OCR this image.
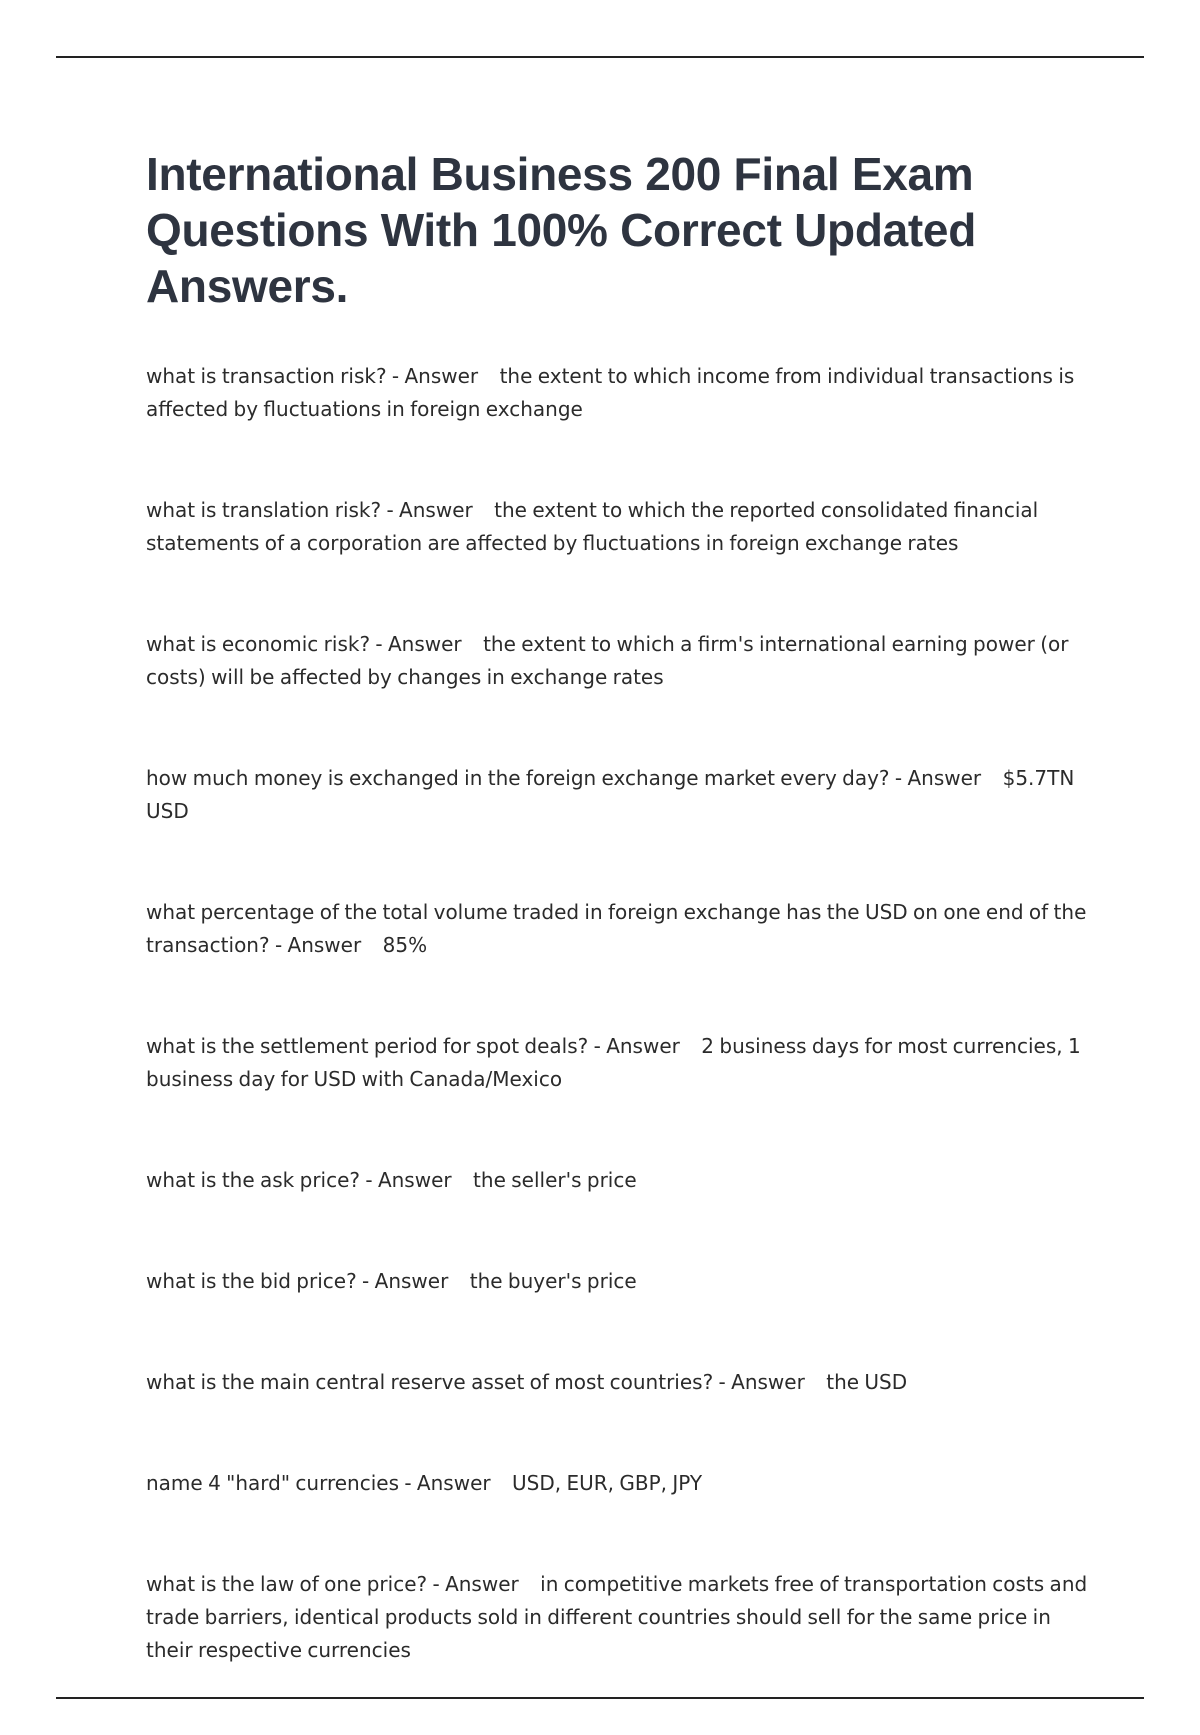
International Business 200 Final Exam Questions With 100% Correct Updated Answers.

what is transaction risk? - Answer    the extent to which income from individual transactions is affected by fluctuations in foreign exchange

what is translation risk? - Answer    the extent to which the reported consolidated financial statements of a corporation are affected by fluctuations in foreign exchange rates

what is economic risk? - Answer    the extent to which a firm's international earning power (or costs) will be affected by changes in exchange rates

how much money is exchanged in the foreign exchange market every day? - Answer    $5.7TN USD

what percentage of the total volume traded in foreign exchange has the USD on one end of the transaction? - Answer    85%

what is the settlement period for spot deals? - Answer    2 business days for most currencies, 1 business day for USD with Canada/Mexico

what is the ask price? - Answer    the seller's price

what is the bid price? - Answer    the buyer's price

what is the main central reserve asset of most countries? - Answer    the USD

name 4 "hard" currencies - Answer    USD, EUR, GBP, JPY

what is the law of one price? - Answer    in competitive markets free of transportation costs and trade barriers, identical products sold in different countries should sell for the same price in their respective currencies
